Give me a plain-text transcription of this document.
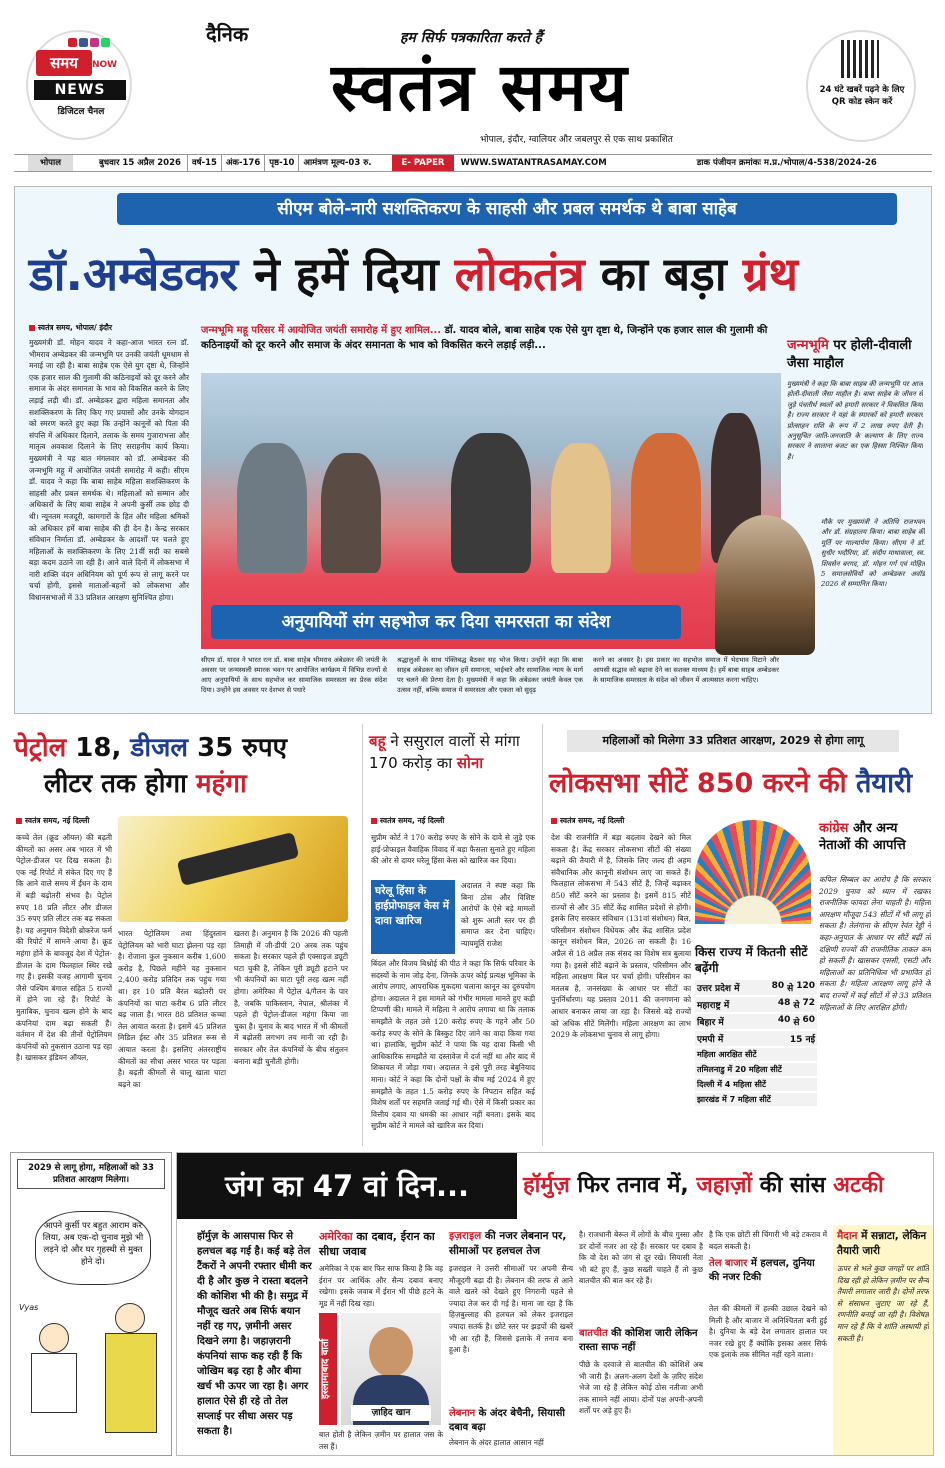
समय	NOW
NEWS
डिजिटल चैनल
दैनिक	हम सिर्फ पत्रकारिता करते हैं
स्वतंत्र समय
भोपाल, इंदौर, ग्वालियर और जबलपुर से एक साथ प्रकाशित
24 घंटे खबरें पढ़ने के लिए QR कोड स्केन करें
भोपाल	बुधवार 15 अप्रैल 2026	वर्ष-15	अंक-176	पृष्ठ-10	आमंत्रण मूल्य-03 रु.	E- PAPER	WWW.SWATANTRASAMAY.COM	डाक पंजीयन क्रमांकः म.प्र./भोपाल/4-538/2024-26
सीएम बोले-नारी सशक्तिकरण के साहसी और प्रबल समर्थक थे बाबा साहेब
डॉ.अम्बेडकर ने हमें दिया लोकतंत्र का बड़ा ग्रंथ
स्वतंत्र समय, भोपाल/ इंदौर
मुख्यमंत्री डॉ. मोहन यादव ने कहा-आज भारत रत्न डॉ. भीमराव अम्बेडकर की जन्मभूमि पर उनकी जयंती धूमधाम से मनाई जा रही है। बाबा साहेब एक ऐसे युग दृष्टा थे, जिन्होंने एक हजार साल की गुलामी की कठिनाइयों को दूर करने और समाज के अंदर समानता के भाव को विकसित करने के लिए लड़ाई लड़ी थी। डॉ. अम्बेडकर द्वारा महिला समानता और सशक्तिकरण के लिए किए गए प्रयासों और उनके योगदान को स्मरण करते हुए कहा कि उन्होंने कानूनों को पिता की संपत्ति में अधिकार दिलाने, तलाक के समय गुजाराभत्ता और मातृत्व अवकाश दिलाने के लिए सराहनीय कार्य किया। मुख्यमंत्री ने यह बात मंगलवार को डॉ. अम्बेडकर की जन्मभूमि महू में आयोजित जयंती समारोह में कही। सीएम डॉ. यादव ने कहा कि बाबा साहेब महिला सशक्तिकरण के साहसी और प्रबल समर्थक थे। महिलाओं को सम्मान और अधिकारों के लिए बाबा साहेब ने अपनी कुर्सी तक छोड़ दी थी। न्यूनतम मजदूरी, कामगारों के हित और महिला श्रमिकों को अधिकार हमें बाबा साहेब की ही देन है। केन्द्र सरकार संविधान निर्माता डॉ. अम्बेडकर के आदर्शों पर चलते हुए महिलाओं के सशक्तिकरण के लिए 21वीं सदी का सबसे बड़ा कदम उठाने जा रही है। आने वाले दिनों में लोकसभा में नारी शक्ति वंदन अधिनियम को पूर्ण रूप से लागू करने पर चर्चा होगी, इससे माताओं-बहनों को लोकसभा और विधानसभाओं में 33 प्रतिशत आरक्षण सुनिश्चित होगा।
जन्मभूमि महू परिसर में आयोजित जयंती समारोह में हुए शामिल... डॉ. यादव बोले, बाबा साहेब एक ऐसे युग दृष्टा थे, जिन्होंने एक हजार साल की गुलामी की कठिनाइयों को दूर करने और समाज के अंदर समानता के भाव को विकसित करने लड़ाई लड़ी...
अनुयायियों संग सहभोज कर दिया समरसता का संदेश
सीएम डॉ. यादव ने भारत रत्न डॉ. बाबा साहेब भीमराव अंबेडकर की जयंती के अवसर पर जन्मस्थली स्मारक भवन पर आयोजित कार्यक्रम में विभिन्न राज्यों से आए अनुयायियों के साथ सहभोज कर सामाजिक समरसता का प्रेरक संदेश दिया। उन्होंने इस अवसर पर देशभर से पधारे
श्रद्धालुओं के साथ पंक्तिबद्ध बैठकर सह भोज किया। उन्होंने कहा कि बाबा साहब अंबेडकर का जीवन हमें समानता, भाईचारे और सामाजिक न्याय के मार्ग पर चलने की प्रेरणा देता है। मुख्यमंत्री ने कहा कि अंबेडकर जयंती केवल एक उत्सव नहीं, बल्कि समाज में समरसता और एकता को सुदृढ़
करने का अवसर है। इस प्रकार का सहभोज समाज में भेदभाव मिटाने और आपसी सद्भाव को बढ़ावा देने का सशक्त माध्यम है। हमें बाबा साहब अम्बेडकर के सामाजिक समरसता के संदेश को जीवन में आत्मसात करना चाहिए।
जन्मभूमि पर होली-दीवाली जैसा माहौल
मुख्यमंत्री ने कहा कि बाबा साहब की जन्मभूमि पर आज होली-दीवाली जैसा माहौल है। बाबा साहेब के जीवन से जुड़े पंचतीर्थ स्थलों को हमारी सरकार ने विकसित किया है। राज्य सरकार ने यहां के स्मारकों को हमारी सरकार प्रोत्साहन राशि के रूप में 2 लाख रुपए देती है। अनुसूचित जाति-जनजाति के कल्याण के लिए राज्य सरकार ने सालाना बजट का एक हिस्सा निश्चित किया है।
मौके पर मुख्यमंत्री ने अतिथि राजभवन और डॉ. संग्रहालय किया। बाबा साहेब की मूर्ति पर माल्यार्पण किया। सीएम ने डॉ. सुधीर भदौरिया, डॉ. संदीप माथावाला, स्व. शिवसेन बरगद, डॉ. मोहन गर्ग एवं मोहित 5 समाजसेवियों को अम्बेडकर अवॉर्ड 2026 से सम्मानित किया।
पेट्रोल 18, डीजल 35 रुपए
लीटर तक होगा महंगा
स्वतंत्र समय, नई दिल्ली
कच्चे तेल (क्रूड ऑयल) की बढ़ती कीमतों का असर अब भारत में भी पेट्रोल-डीजल पर दिख सकता है। एक नई रिपोर्ट में संकेत दिए गए हैं कि आने वाले समय में ईंधन के दाम में बड़ी बढ़ोतरी संभव है। पेट्रोल रुपए 18 प्रति लीटर और डीजल 35 रुपए प्रति लीटर तक बढ़ सकता है। यह अनुमान विदेशी ब्रोकरेज फर्म की रिपोर्ट में सामने आया है। क्रूड महंगा होने के बावजूद देश में पेट्रोल-डीजल के दाम फिलहाल स्थिर रखे गए हैं। इसकी वजह आगामी चुनाव जैसे पश्चिम बंगाल सहित 5 राज्यों में होने जा रहे हैं। रिपोर्ट के मुताबिक, चुनाव खत्म होने के बाद कंपनियां दाम बढ़ा सकती हैं। वर्तमान में देश की तीनों पेट्रोलियम कंपनियों को नुकसान उठाना पड़ रहा है। खासकर इंडियन ऑयल,
भारत पेट्रोलियम तथा हिंदुस्तान पेट्रोलियम को भारी घाटा झेलना पड़ रहा है। रोजाना कुल नुकसान करीब 1,600 करोड़ है, पिछले महीने यह नुकसान 2,400 करोड़ प्रतिदिन तक पहुंच गया था। हर 10 प्रति बैरल बढ़ोतरी पर कंपनियों का घाटा करीब 6 प्रति लीटर बढ़ जाता है। भारत 88 प्रतिशत कच्चा तेल आयात करता है। इसमें 45 प्रतिशत मिडिल ईस्ट और 35 प्रतिशत रूस से आयात करता है। इसलिए अंतरराष्ट्रीय कीमतों का सीधा असर भारत पर पड़ता है। बढ़ती कीमतों से चालू खाता घाटा बढ़ने का
खतरा है। अनुमान है कि 2026 की पहली तिमाही में जी-डीपी 20 अरब तक पहुंच सकता है। सरकार पहले ही एक्साइज ड्यूटी घटा चुकी है, लेकिन पूरी ड्यूटी हटाने पर भी कंपनियों का घाटा पूरी तरह खत्म नहीं होगा। अमेरिका में पेट्रोल 4/गैलन के पार है, जबकि पाकिस्तान, नेपाल, श्रीलंका में पहले ही पेट्रोल-डीजल महंगा किया जा चुका है। चुनाव के बाद भारत में भी कीमतों में बढ़ोतरी लगभग तय मानी जा रही है। सरकार और तेल कंपनियों के बीच संतुलन बनाना बड़ी चुनौती होगी।
बहू ने ससुराल वालों से मांगा 170 करोड़ का सोना
स्वतंत्र समय, नई दिल्ली
सुप्रीम कोर्ट ने 170 करोड़ रुपए के सोने के दावे से जुड़े एक हाई-प्रोफाइल वैवाहिक विवाद में बड़ा फैसला सुनाते हुए महिला की ओर से दायर घरेलू हिंसा केस को खारिज कर दिया।
घरेलू हिंसा के हाईप्रोफाइल केस में दावा खारिज
अदालत ने स्पष्ट कहा कि बिना ठोस और विशिष्ट आरोपों के ऐसे बड़े मामलों को शुरू आती स्तर पर ही समाप्त कर देना चाहिए। न्यायमूर्ति राजेश
बिंदल और विजय बिश्नोई की पीठ ने कहा कि सिर्फ परिवार के सदस्यों के नाम जोड़ देना, जिनके ऊपर कोई प्रत्यक्ष भूमिका के आरोप लगाए, आपराधिक मुकदमा चलाना कानून का दुरुपयोग होगा। अदालत ने इस मामले को गंभीर मामला मानते हुए कड़ी टिप्पणी की। मामले में महिला ने आरोप लगाया था कि तलाक समझौते के तहत उसे 120 करोड़ रुपए के गहने और 50 करोड़ रुपए के सोने के बिस्कुट दिए जाने का वादा किया गया था। हालांकि, सुप्रीम कोर्ट ने पाया कि यह दावा किसी भी आधिकारिक समझौते या दस्तावेज में दर्ज नहीं था और बाद में शिकायत में जोड़ा गया। अदालत ने इसे पूरी तरह बेबुनियाद माना। कोर्ट ने कहा कि दोनों पक्षों के बीच मई 2024 में हुए समझौते के तहत 1.5 करोड़ रुपए के निपटान सहित कई विशेष शर्तों पर सहमति जताई गई थी। ऐसे में किसी प्रकार का वित्तीय दबाव या धमकी का आधार नहीं बनता। इसके बाद सुप्रीम कोर्ट ने मामले को खारिज कर दिया।
महिलाओं को मिलेगा 33 प्रतिशत आरक्षण, 2029 से होगा लागू
लोकसभा सीटें 850 करने की तैयारी
स्वतंत्र समय, नई दिल्ली
देश की राजनीति में बड़ा बदलाव देखने को मिल सकता है। केंद्र सरकार लोकसभा सीटों की संख्या बढ़ाने की तैयारी में है, जिसके लिए जल्द ही अहम संवैधानिक और कानूनी संशोधन लाए जा सकते हैं। फिलहाल लोकसभा में 543 सीटें हैं, जिन्हें बढ़ाकर 850 सीटें करने का प्रस्ताव है। इसमें 815 सीटें राज्यों से और 35 सीटें केंद्र शासित प्रदेशों से होंगी। इसके लिए सरकार संविधान (131वां संशोधन) बिल, परिसीमन संशोधन विधेयक और केंद्र शासित प्रदेश कानून संशोधन बिल, 2026 ला सकती है। 16 अप्रैल से 18 अप्रैल तक संसद का विशेष सत्र बुलाया गया है। इससे सीटें बढ़ाने के प्रस्ताव, परिसीमन और महिला आरक्षण बिल पर चर्चा होगी। परिसीमन का मतलब है, जनसंख्या के आधार पर सीटों का पुनर्निर्धारण। यह प्रस्ताव 2011 की जनगणना को आधार बनाकर लाया जा रहा है। जिससे बड़े राज्यों को अधिक सीटें मिलेंगी। महिला आरक्षण का लाभ 2029 के लोकसभा चुनाव से लागू होगा।
किस राज्य में कितनी सीटें बढ़ेंगी
उत्तर प्रदेश में	80 से 120
महाराष्ट्र में	48 से 72
बिहार में	40 से 60
एमपी में	15 नई
महिला आरक्षित सीटें
तमिलनाडु में 20 महिला सीटें
दिल्ली में 4 महिला सीटें
झारखंड में 7 महिला सीटें
कांग्रेस और अन्य नेताओं की आपत्ति
कपिल सिब्बल का आरोप है कि सरकार 2029 चुनाव को ध्यान में रखकर राजनीतिक फायदा लेना चाहती है। महिला आरक्षण मौजूदा 543 सीटों में भी लागू हो सकता है। तेलंगाना के सीएम रेवंत रेड्डी ने कहा-अनुपात के आधार पर सीटें बढ़ीं तो दक्षिणी राज्यों की राजनीतिक ताकत कम हो सकती है। खासकर एससी, एसटी और महिलाओं का प्रतिनिधित्व भी प्रभावित हो सकता है। महिला आरक्षण लागू होने के बाद राज्यों में कई सीटों में से 33 प्रतिशत महिलाओं के लिए आरक्षित होंगी।
2029 से लागू होगा, महिलाओं को 33 प्रतिशत आरक्षण मिलेगा।
आपने कुर्सी पर बहुत आराम कर लिया, अब एक-दो चुनाव मुझे भी लड़ने दो और घर गृहस्थी से मुक्त होने दो।
Vyas
जंग का 47 वां दिन...	हॉर्मुज़ फिर तनाव में, जहाज़ों की सांस अटकी
हॉर्मुज़ के आसपास फिर से हलचल बढ़ गई है। कई बड़े तेल टैंकरों ने अपनी रफ्तार धीमी कर दी है और कुछ ने रास्ता बदलने की कोशिश भी की है। समुद्र में मौजूद खतरे अब सिर्फ बयान नहीं रह गए, ज़मीनी असर दिखने लगा है। जहाज़रानी कंपनियां साफ कह रही हैं कि जोखिम बढ़ रहा है और बीमा खर्च भी ऊपर जा रहा है। अगर हालात ऐसे ही रहे तो तेल सप्लाई पर सीधा असर पड़ सकता है।
अमेरिका का दबाव, ईरान का सीधा जवाब
अमेरिका ने एक बार फिर साफ किया है कि वह ईरान पर आर्थिक और सैन्य दबाव बनाए रखेगा। इसके जवाब में ईरान भी पीछे हटने के मूड में नहीं दिख रहा।
इस्लामाबाद वार्ता
ज़ाहिद खान
बात होती है लेकिन ज़मीन पर हालात जस के तस हैं।
इज़राइल की नजर लेबनान पर, सीमाओं पर हलचल तेज
इजराइल ने उत्तरी सीमाओं पर अपनी सैन्य मौजूदगी बढ़ा दी है। लेबनान की तरफ से आने वाले खतरे को देखते हुए निगरानी पहले से ज्यादा तेज कर दी गई है। माना जा रहा है कि हिज़बुल्लाह की हलचल को लेकर इजराइल ज्यादा सतर्क है। छोटे स्तर पर झड़पों की खबरें भी आ रही हैं, जिससे इलाके में तनाव बना हुआ है।
लेबनान के अंदर बेचैनी, सियासी दबाव बढ़ा
लेबनान के अंदर हालात आसान नहीं
है। राजधानी बेरूत में लोगों के बीच गुस्सा और डर दोनों नजर आ रहे हैं। सरकार पर दबाव है कि वो देश को जंग से दूर रखे। सियासी नेता भी बंटे हुए हैं, कुछ सख्ती चाहते हैं तो कुछ बातचीत की बात कर रहे हैं।
बातचीत की कोशिश जारी लेकिन रास्ता साफ नहीं
पीछे के दरवाजे से बातचीत की कोशिशें अब भी जारी हैं। अलग-अलग देशों के ज़रिए संदेश भेजे जा रहे हैं लेकिन कोई ठोस नतीजा अभी तक सामने नहीं आया। दोनों पक्ष अपनी-अपनी शर्तों पर अड़े हुए हैं।
है कि एक छोटी सी चिंगारी भी बड़े टकराव में बदल सकती है।
तेल बाजार में हलचल, दुनिया की नजर टिकी
तेल की कीमतों में हल्की उछाल देखने को मिली है और बाजार में अनिश्चितता बनी हुई है। दुनिया के बड़े देश लगातार हालात पर नजर रखे हुए हैं क्योंकि इसका असर सिर्फ एक इलाके तक सीमित नहीं रहने वाला।
मैदान में सन्नाटा, लेकिन तैयारी जारी
ऊपर से भले कुछ जगहों पर शांति दिख रही हो लेकिन ज़मीन पर सैन्य तैयारी लगातार जारी है। दोनों तरफ से संसाधन जुटाए जा रहे हैं, रणनीति बनाई जा रही है। विशेषज्ञ मान रहे हैं कि ये शांति अस्थायी हो सकती है।
